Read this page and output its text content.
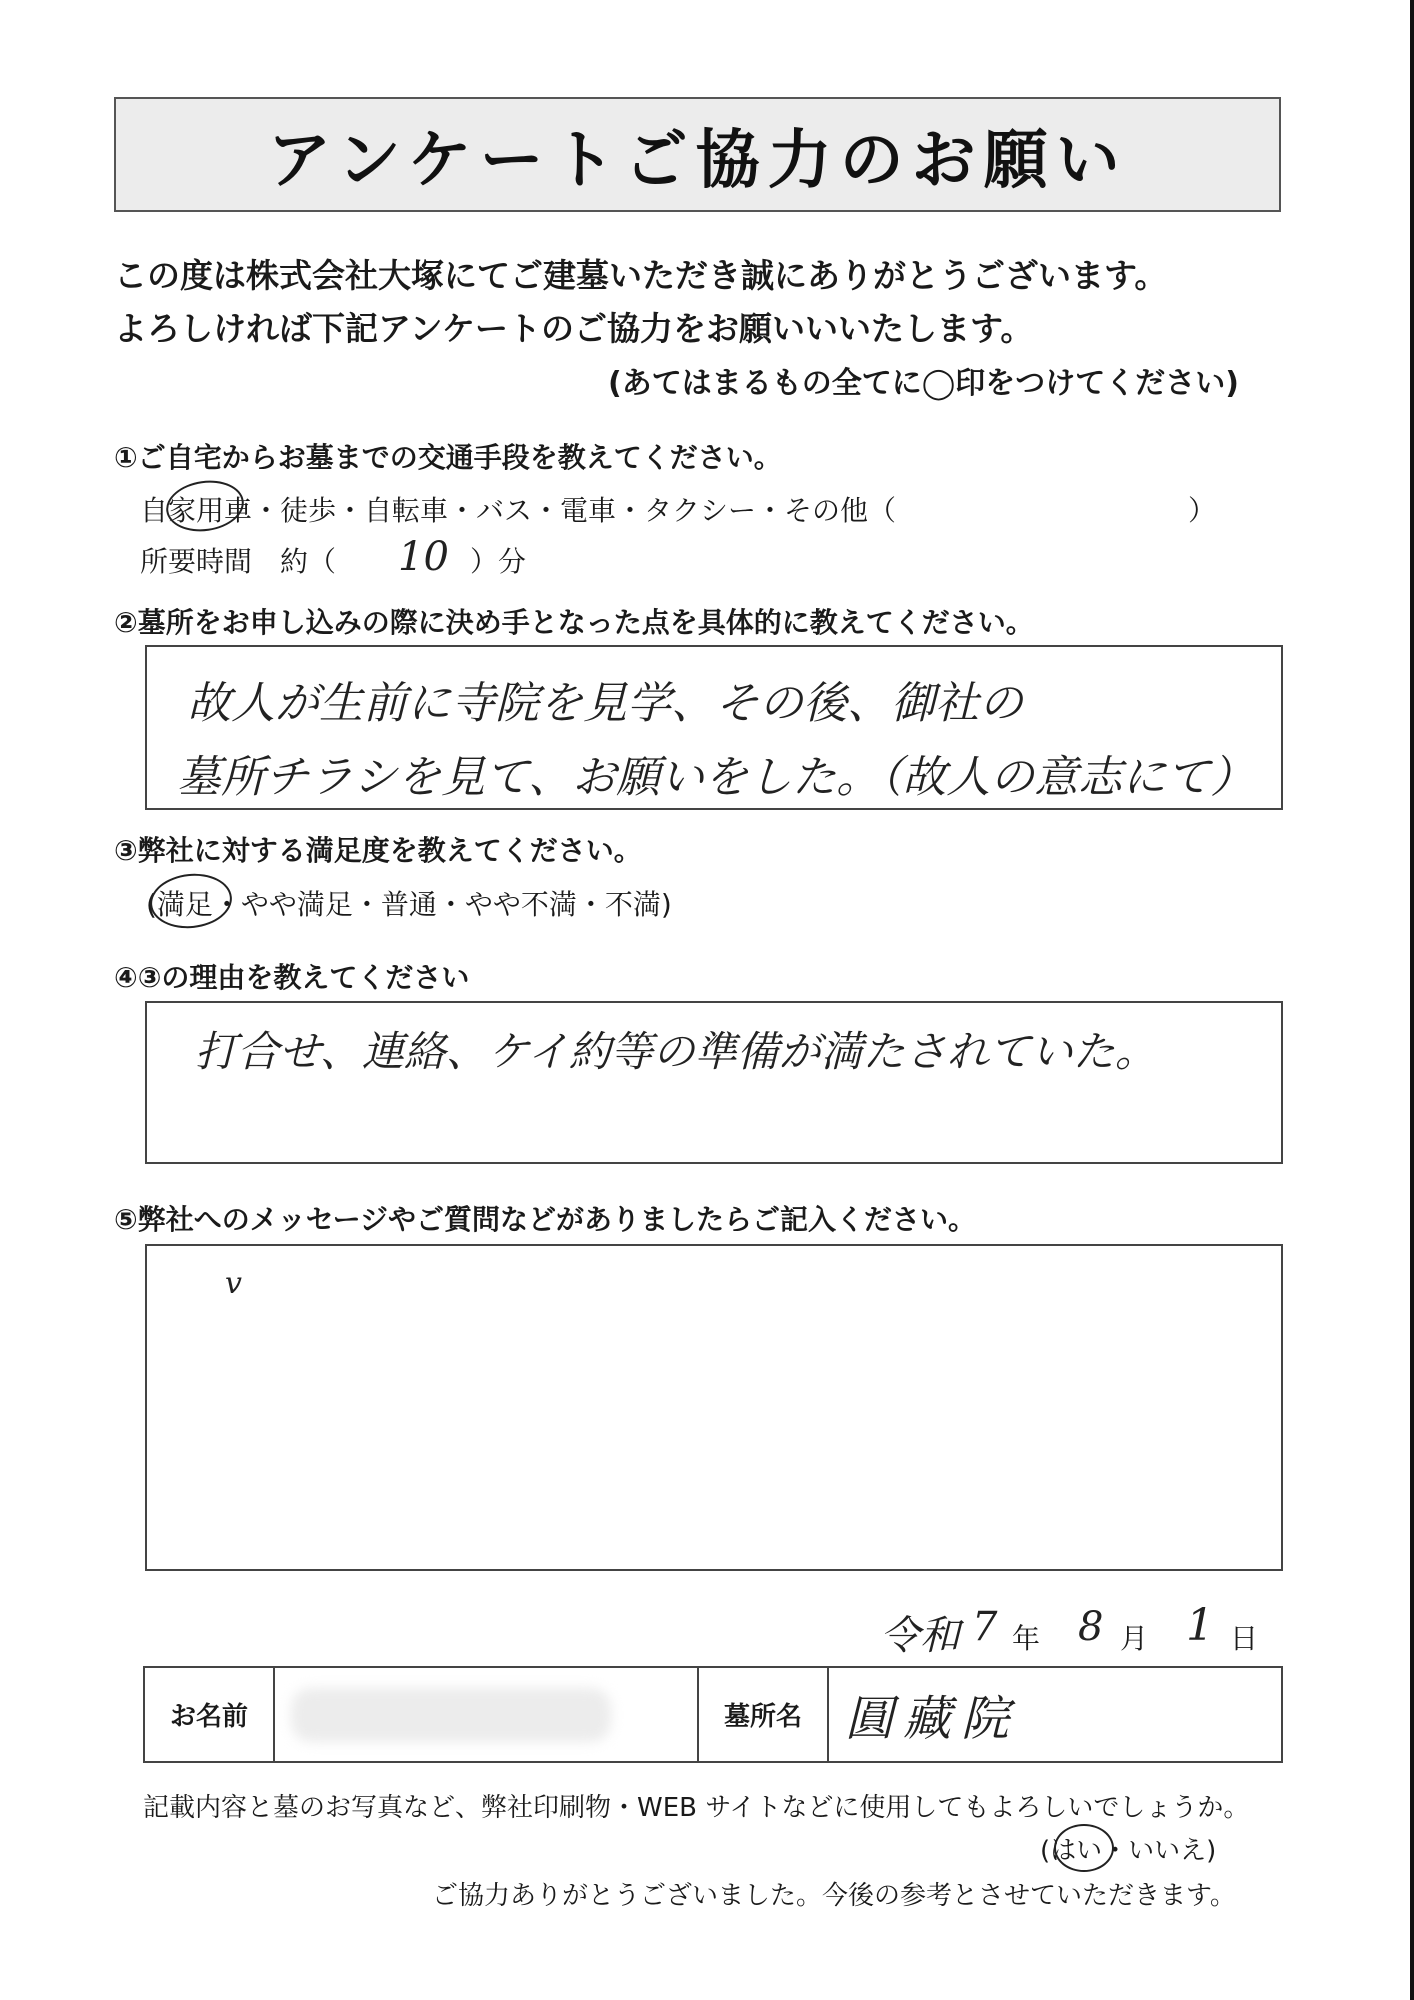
アンケートご協力のお願い
この度は株式会社大塚にてご建墓いただき誠にありがとうございます。
よろしければ下記アンケートのご協力をお願いいいたします。
(あてはまるもの全てに◯印をつけてください)
①ご自宅からお墓までの交通手段を教えてください。
自家用車・徒歩・自転車・バス・電車・タクシー・その他（	）
所要時間　約（ 10 ）分
②墓所をお申し込みの際に決め手となった点を具体的に教えてください。
故人が生前に寺院を見学、その後、御社の
墓所チラシを見て、お願いをした。（故人の意志にて）
③弊社に対する満足度を教えてください。
(満足・やや満足・普通・やや不満・不満)
④③の理由を教えてください
打合せ、連絡、ケイ約等の準備が満たされていた。
⑤弊社へのメッセージやご質問などがありましたらご記入ください。
v
令和 7 年 8 月 1 日
お名前		墓所名	圓藏院
記載内容と墓のお写真など、弊社印刷物・WEB サイトなどに使用してもよろしいでしょうか。
(はい・いいえ)
ご協力ありがとうございました。今後の参考とさせていただきます。
